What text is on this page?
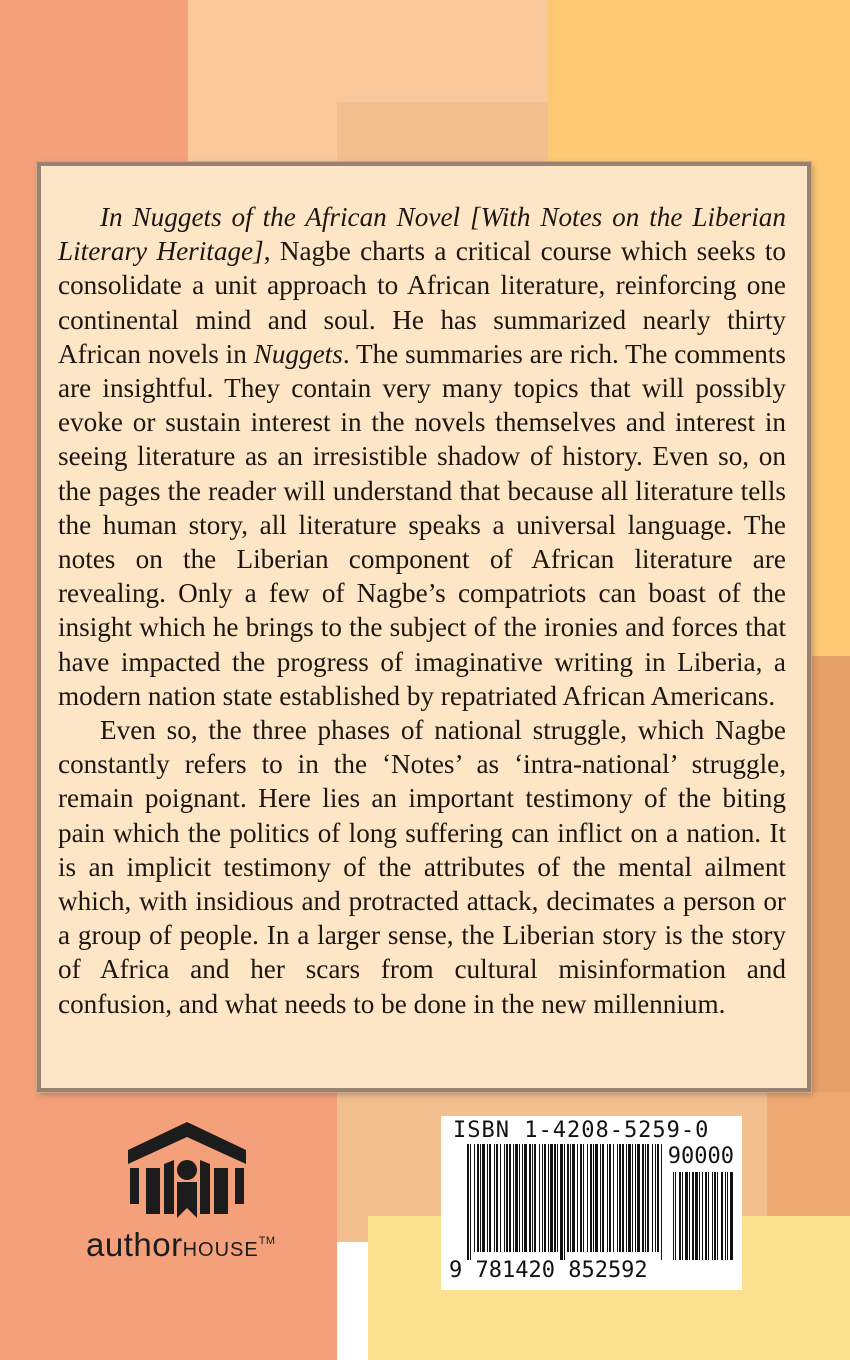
In Nuggets of the African Novel [With Notes on the Liberian Literary Heritage], Nagbe charts a critical course which seeks to consolidate a unit approach to African literature, reinforcing one continental mind and soul. He has summarized nearly thirty African novels in Nuggets. The summaries are rich. The comments are insightful. They contain very many topics that will possibly evoke or sustain interest in the novels themselves and interest in seeing literature as an irresistible shadow of history. Even so, on the pages the reader will understand that because all literature tells the human story, all literature speaks a universal language. The notes on the Liberian component of African literature are revealing. Only a few of Nagbe’s compatriots can boast of the insight which he brings to the subject of the ironies and forces that have impacted the progress of imaginative writing in Liberia, a modern nation state established by repatriated African Americans.

Even so, the three phases of national struggle, which Nagbe constantly refers to in the ‘Notes’ as ‘intra-national’ struggle, remain poignant. Here lies an important testimony of the biting pain which the politics of long suffering can inflict on a nation. It is an implicit testimony of the attributes of the mental ailment which, with insidious and protracted attack, decimates a person or a group of people. In a larger sense, the Liberian story is the story of Africa and her scars from cultural misinformation and confusion, and what needs to be done in the new millennium.

authorHOUSE™
ISBN 1-4208-5259-0
90000
9 781420 852592
